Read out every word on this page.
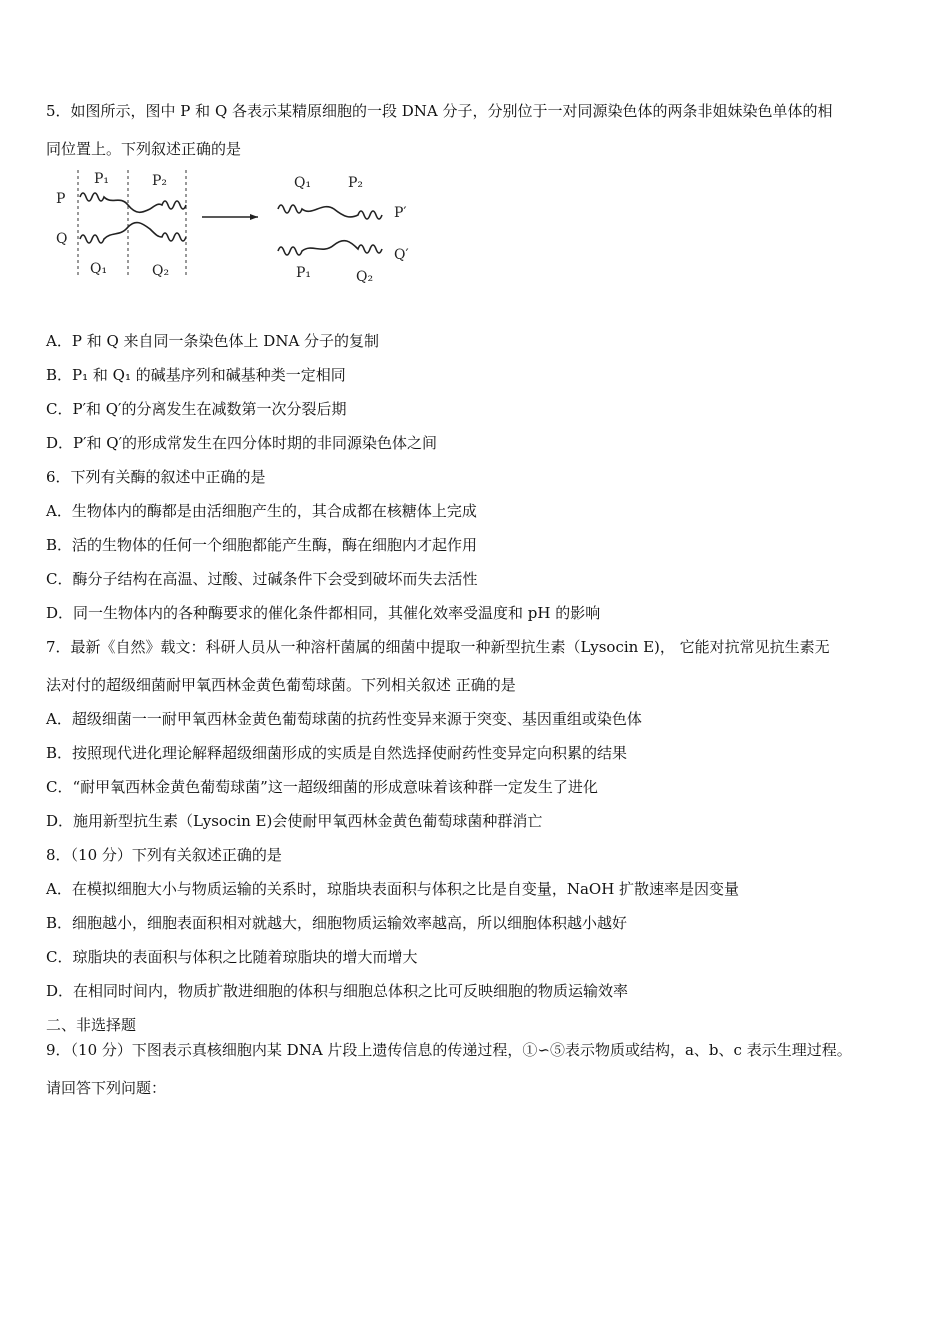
5．如图所示，图中 P 和 Q 各表示某精原细胞的一段 DNA 分子，分别位于一对同源染色体的两条非姐妹染色单体的相
同位置上。下列叙述正确的是
P
Q
P₁	P₂
Q₁	Q₂
Q₁	P₂
P′
Q′
P₁	Q₂
A．P 和 Q 来自同一条染色体上 DNA 分子的复制
B．P₁ 和 Q₁ 的碱基序列和碱基种类一定相同
C．P′和 Q′的分离发生在减数第一次分裂后期
D．P′和 Q′的形成常发生在四分体时期的非同源染色体之间
6．下列有关酶的叙述中正确的是
A．生物体内的酶都是由活细胞产生的，其合成都在核糖体上完成
B．活的生物体的任何一个细胞都能产生酶，酶在细胞内才起作用
C．酶分子结构在高温、过酸、过碱条件下会受到破坏而失去活性
D．同一生物体内的各种酶要求的催化条件都相同，其催化效率受温度和 pH 的影响
7．最新《自然》载文：科研人员从一种溶杆菌属的细菌中提取一种新型抗生素（Lysocin E)， 它能对抗常见抗生素无
法对付的超级细菌耐甲氧西林金黄色葡萄球菌。下列相关叙述 正确的是
A．超级细菌一一耐甲氧西林金黄色葡萄球菌的抗药性变异来源于突变、基因重组或染色体
B．按照现代进化理论解释超级细菌形成的实质是自然选择使耐药性变异定向积累的结果
C．“耐甲氧西林金黄色葡萄球菌”这一超级细菌的形成意味着该种群一定发生了进化
D．施用新型抗生素（Lysocin E)会使耐甲氧西林金黄色葡萄球菌种群消亡
8．（10 分）下列有关叙述正确的是
A．在模拟细胞大小与物质运输的关系时，琼脂块表面积与体积之比是自变量，NaOH 扩散速率是因变量
B．细胞越小，细胞表面积相对就越大，细胞物质运输效率越高，所以细胞体积越小越好
C．琼脂块的表面积与体积之比随着琼脂块的增大而增大
D．在相同时间内，物质扩散进细胞的体积与细胞总体积之比可反映细胞的物质运输效率
二、非选择题
9．（10 分）下图表示真核细胞内某 DNA 片段上遗传信息的传递过程，①∽⑤表示物质或结构，a、b、c 表示生理过程。
请回答下列问题：
